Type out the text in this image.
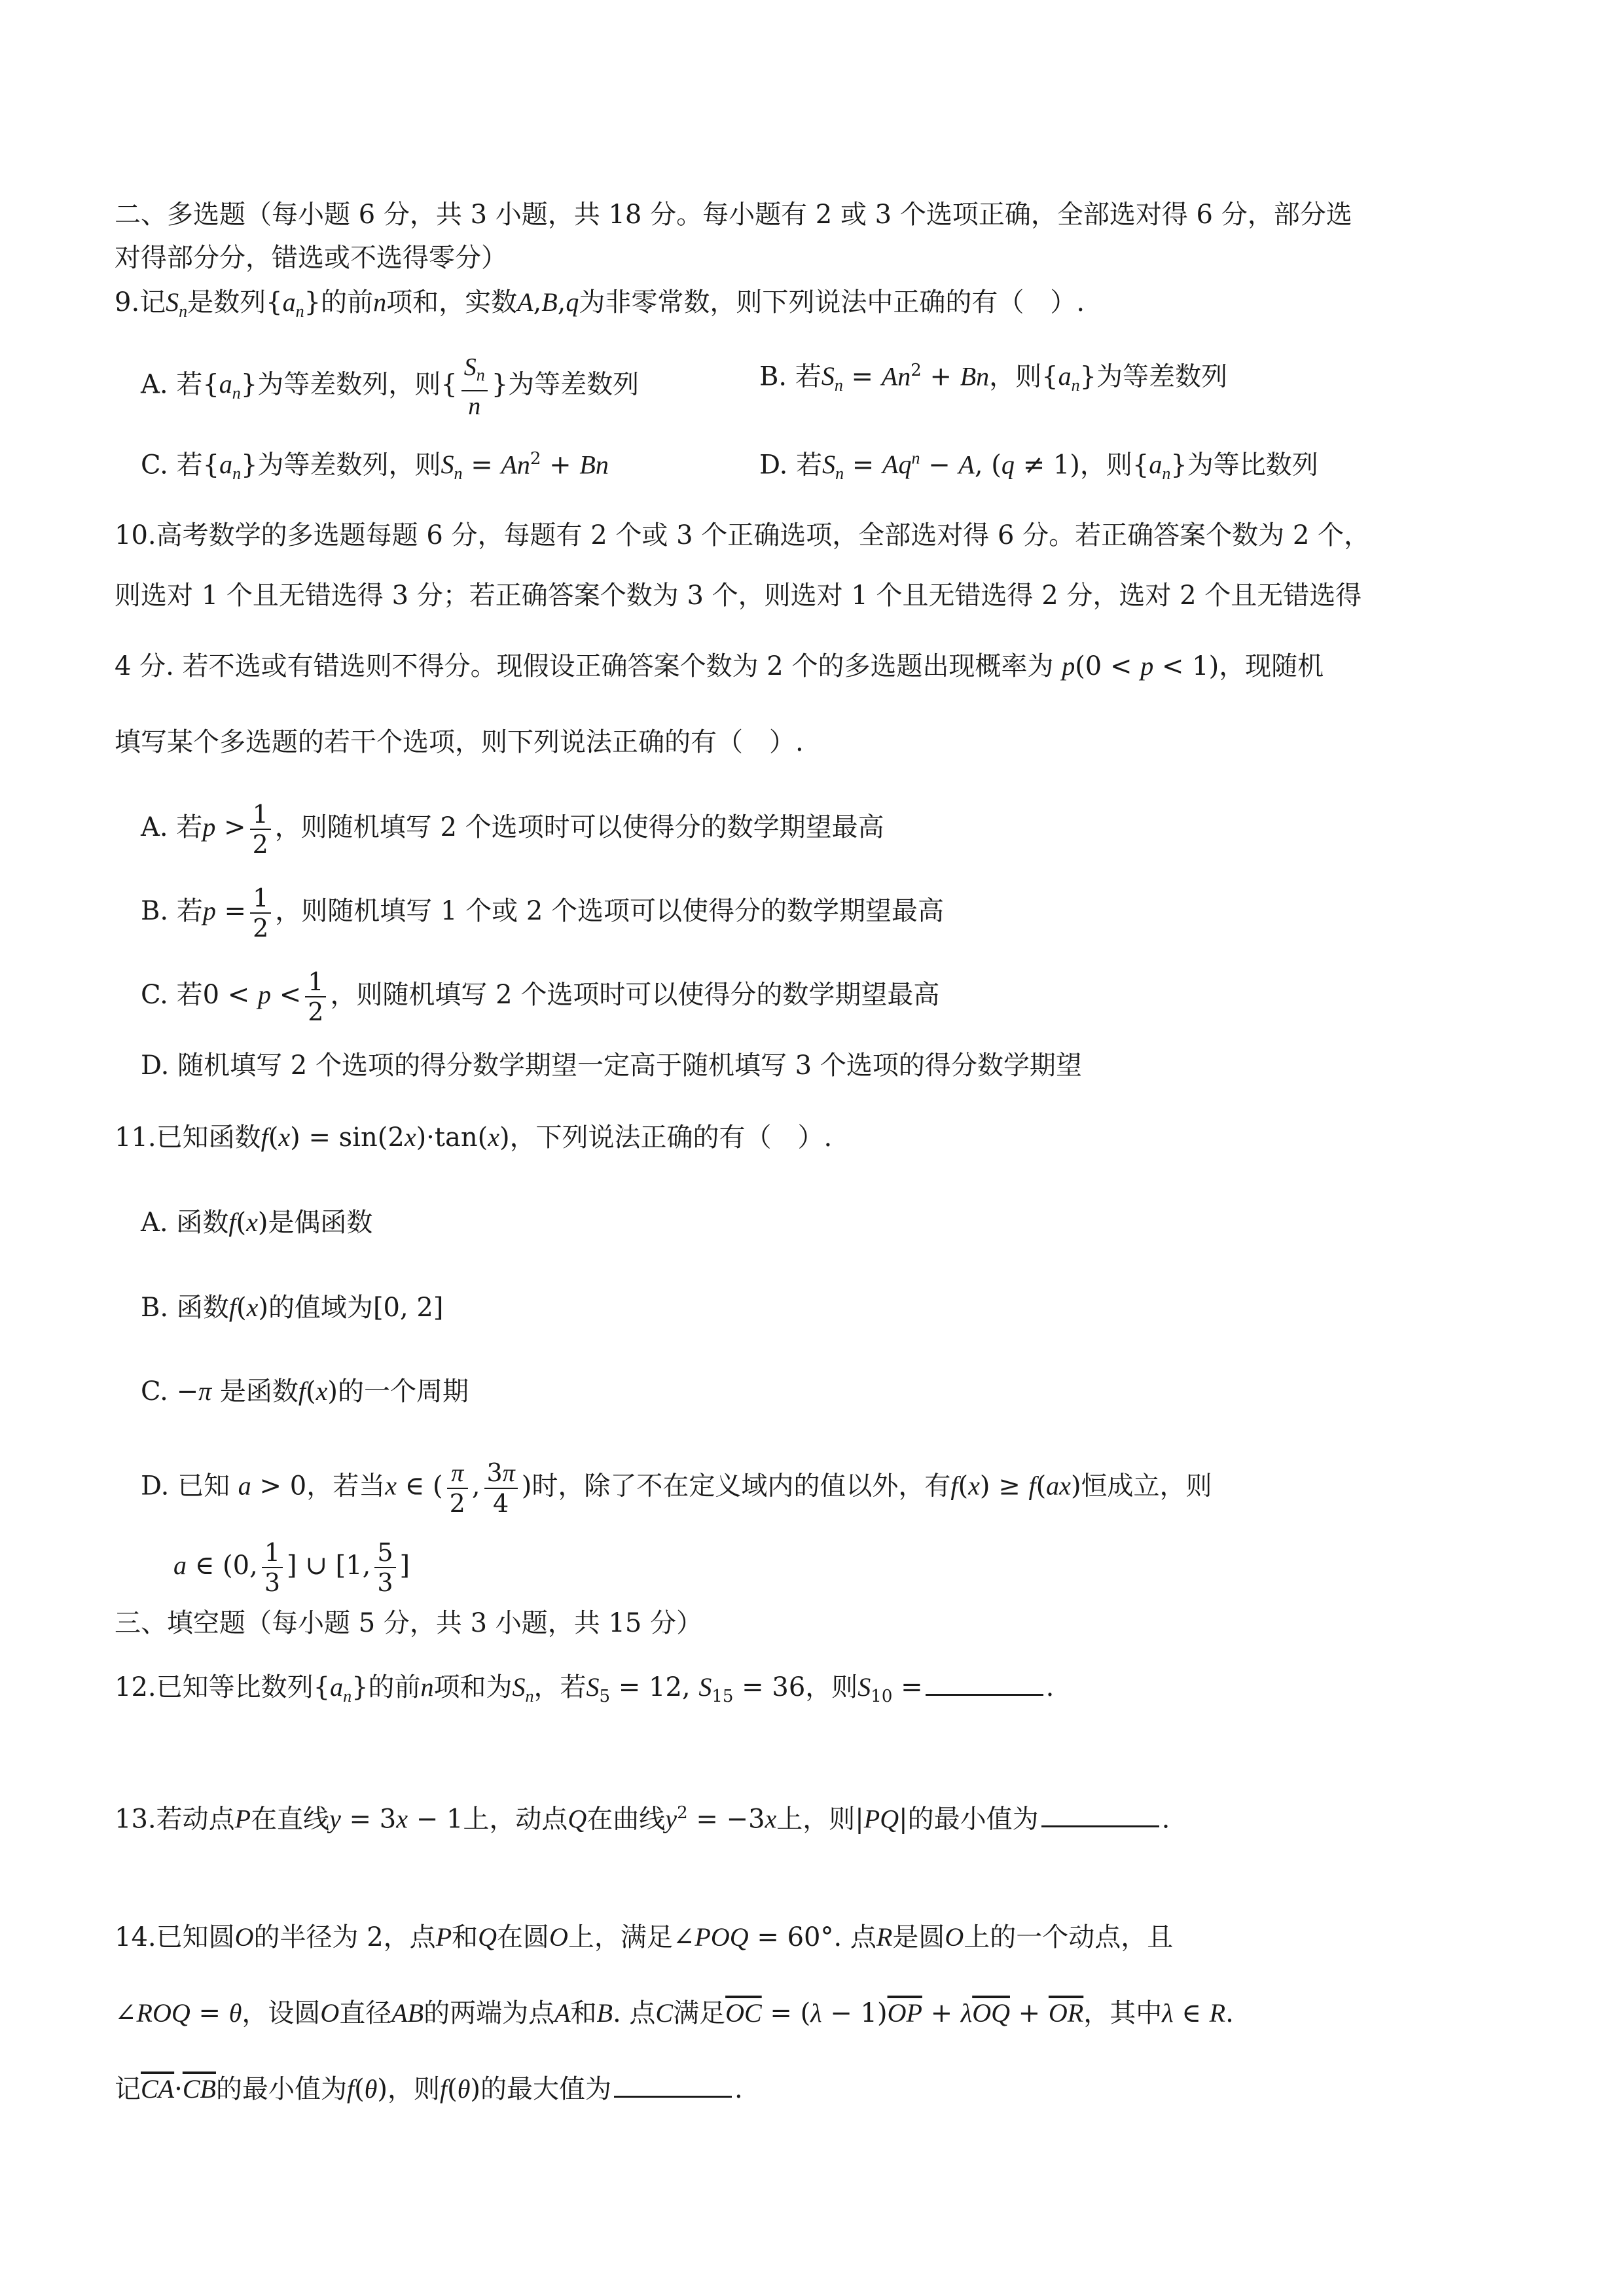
二、多选题（每小题 6 分，共 3 小题，共 18 分。每小题有 2 或 3 个选项正确，全部选对得 6 分，部分选
对得部分分，错选或不选得零分）
9.记$S_n$是数列$\{a_n\}$的前n项和，实数A,B,q为非零常数，则下列说法中正确的有（　）.
A. 若$\{a_n\}$为等差数列，则{ $\frac{S_n}{n}$ }为等差数列	B. 若$S_n = An^2 + Bn$，则$\{a_n\}$为等差数列
C. 若$\{a_n\}$为等差数列，则$S_n = An^2 + Bn$	D. 若$S_n = Aq^n - A$, (q ≠ 1)，则$\{a_n\}$为等比数列
10.高考数学的多选题每题 6 分，每题有 2 个或 3 个正确选项，全部选对得 6 分。若正确答案个数为 2 个，
则选对 1 个且无错选得 3 分；若正确答案个数为 3 个，则选对 1 个且无错选得 2 分，选对 2 个且无错选得
4 分. 若不选或有错选则不得分。现假设正确答案个数为 2 个的多选题出现概率为 p(0 < p < 1)，现随机
填写某个多选题的若干个选项，则下列说法正确的有（　）.
A. 若$p > \frac{1}{2}$ ，则随机填写 2 个选项时可以使得分的数学期望最高
B. 若$p = \frac{1}{2}$ ，则随机填写 1 个或 2 个选项可以使得分的数学期望最高
C. 若$0 < p < \frac{1}{2}$ ，则随机填写 2 个选项时可以使得分的数学期望最高
D. 随机填写 2 个选项的得分数学期望一定高于随机填写 3 个选项的得分数学期望
11.已知函数f(x) = sin(2x)·tan(x)，下列说法正确的有（　）.
A. 函数f(x)是偶函数
B. 函数f(x)的值域为[0, 2]
C. −π 是函数f(x)的一个周期
D. 已知 a > 0，若当x ∈ ( $\frac{\pi}{2}$ , $\frac{3\pi}{4}$ )时，除了不在定义域内的值以外，有f(x) ≥ f(ax)恒成立，则
a ∈ (0, $\frac{1}{3}$ ] ∪ [1, $\frac{5}{3}$ ]
三、填空题（每小题 5 分，共 3 小题，共 15 分）
12.已知等比数列$\{a_n\}$的前n项和为$S_n$，若$S_5 = 12$, $S_{15} = 36$，则$S_{10}$ =	.
13.若动点P在直线y = 3x − 1上，动点Q在曲线$y^2 = -3x$上，则|PQ|的最小值为	.
14.已知圆O的半径为 2，点P和Q在圆O上，满足∠POQ = 60°. 点R是圆O上的一个动点，且
∠ROQ = θ，设圆O直径AB的两端为点A和B. 点C满足$\overline{OC} = (\lambda - 1)\overline{OP} + \lambda\overline{OQ} + \overline{OR}$，其中λ ∈ R.
记$\overline{CA}\cdot\overline{CB}$的最小值为f(θ)，则f(θ)的最大值为	.
